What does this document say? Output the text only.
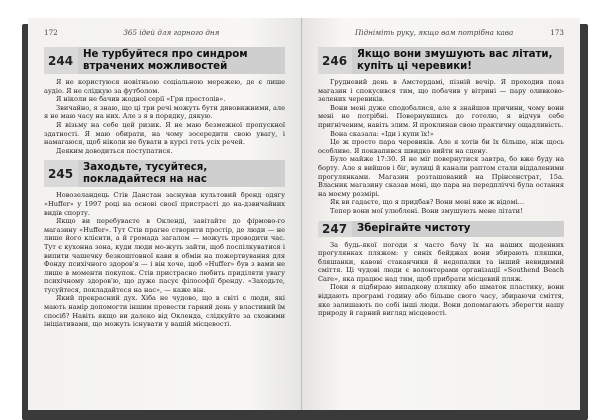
172	365 ідей для гарного дня
244 Не турбуйтеся про синдром втрачених можливостей

Я не користуюся новітньою соціальною мережею, де є лише аудіо. Я не слідкую за футболом.

Я ніколи не бачив жодної серії «Гри престолів».

Звичайно, я знаю, що ці три речі можуть бути дивовижними, але я не маю часу на них. Але з я в порядку, дякую.

Я візьму на себе цей ризик. Я не маю безмежної пропускної здатності. Я маю обирати, на чому зосередити свою увагу, і намагаюся, щоб ніколи не бувати в курсі геть усіх речей.

Деяким доводиться поступатися.

245 Заходьте, тусуйтеся, покладайтеся на нас

Новозеландець Стів Данстан заснував культовий бренд одягу «Huffer» у 1997 році на основі своєї пристрасті до на-дзвичайних видів спорту.

Якщо ви перебуваєте в Окленді, завітайте до фірмово-го магазину «Huffer». Тут Стів прагне створити простір, де люди — не лише його клієнти, а й громада загалом — можуть проводити час. Тут є кухонна зона, куди люди мо-жуть зайти, щоб поспілкуватися і випити чашечку безкоштовної кави в обмін на пожертвування для Фонду психічного здоров'я — і він хоче, щоб «Huffer» був з вами не лише в моменти покупок. Стів пристрасно любить приділяти увагу психічному здоров'ю, що дуже пасує філософії бренду. «Заходьте, тусуйтеся, покладайтеся на нас», — каже він.

Який прекрасний дух. Хіба не чудово, що в світі є люди, які мають намір допомогти іншим провести гарний день у властивий їм спосіб? Навіть якщо ви далеко від Окленда, слідкуйте за схожими ініціативами, що можуть існувати у вашій місцевості.

Підніміть руку, якщо вам потрібна кава	173
246 Якщо вони змушують вас літати, купіть ці черевики!

Грудневий день в Амстердамі, пізній вечір. Я проходив повз магазин і спокусився тим, що побачив у вітрині — пару оливково-зелених черевиків.

Вони мені дуже сподобалися, але я знайшов причини, чому вони мені не потрібні. Повернувшись до готелю, я відчув себе пригніченим, навіть злим. Я проклинав свою практичну ощадливість.

Вона сказала: «Іди і купи їх!»

Це ж просто пара черевиків. Але я хотів би їх більше, ніж щось особливе. Я поквапився швидко вийти на сцену.

Було майже 17:30. Я не міг повернутися завтра, бо вже буду на борту. Але я вийшов і біг, вулиці й канали раптом стали віддаленими прогулянками. Магазин розташований на Прінсенстрат, 15a. Власник магазину сказав мені, що пара на передпліччі була остання на моєму розмірі.

Як ви гадаєте, що я придбав? Вони мені вже ж відомі…

Тепер вони мої улюблені. Вони змушують мене літати!

247 Зберігайте чистоту

За будь-якої погоди я часто бачу їх на наших щоденних прогулянках пляжем: у синіх бейджах вони збирають пляшки, бляшанки, кавові стаканчики й недопалки та інший невидимий сміття. Ці чудові люди є волонтерами організації «Southend Beach Care», яка працює над тим, щоб прибрати місцевий пляж.

Поки я підбираю випадкову пляшку або шматок пластику, вони віддають програмі годину або більше свого часу, збираючи сміття, яке залишають по собі інші люди. Вони допомагають зберегти нашу природу й гарний вигляд місцевості.
